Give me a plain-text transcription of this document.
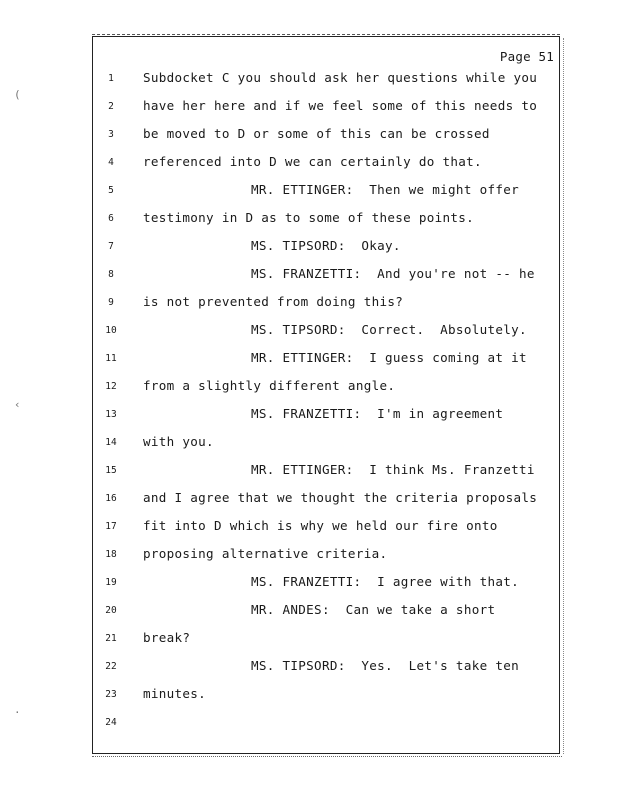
Page 51
1	Subdocket C you should ask her questions while you
2	have her here and if we feel some of this needs to
3	be moved to D or some of this can be crossed
4	referenced into D we can certainly do that.
5	MR. ETTINGER:  Then we might offer
6	testimony in D as to some of these points.
7	MS. TIPSORD:  Okay.
8	MS. FRANZETTI:  And you're not -- he
9	is not prevented from doing this?
10	MS. TIPSORD:  Correct.  Absolutely.
11	MR. ETTINGER:  I guess coming at it
12	from a slightly different angle.
13	MS. FRANZETTI:  I'm in agreement
14	with you.
15	MR. ETTINGER:  I think Ms. Franzetti
16	and I agree that we thought the criteria proposals
17	fit into D which is why we held our fire onto
18	proposing alternative criteria.
19	MS. FRANZETTI:  I agree with that.
20	MR. ANDES:  Can we take a short
21	break?
22	MS. TIPSORD:  Yes.  Let's take ten
23	minutes.
24
(
‹
·
